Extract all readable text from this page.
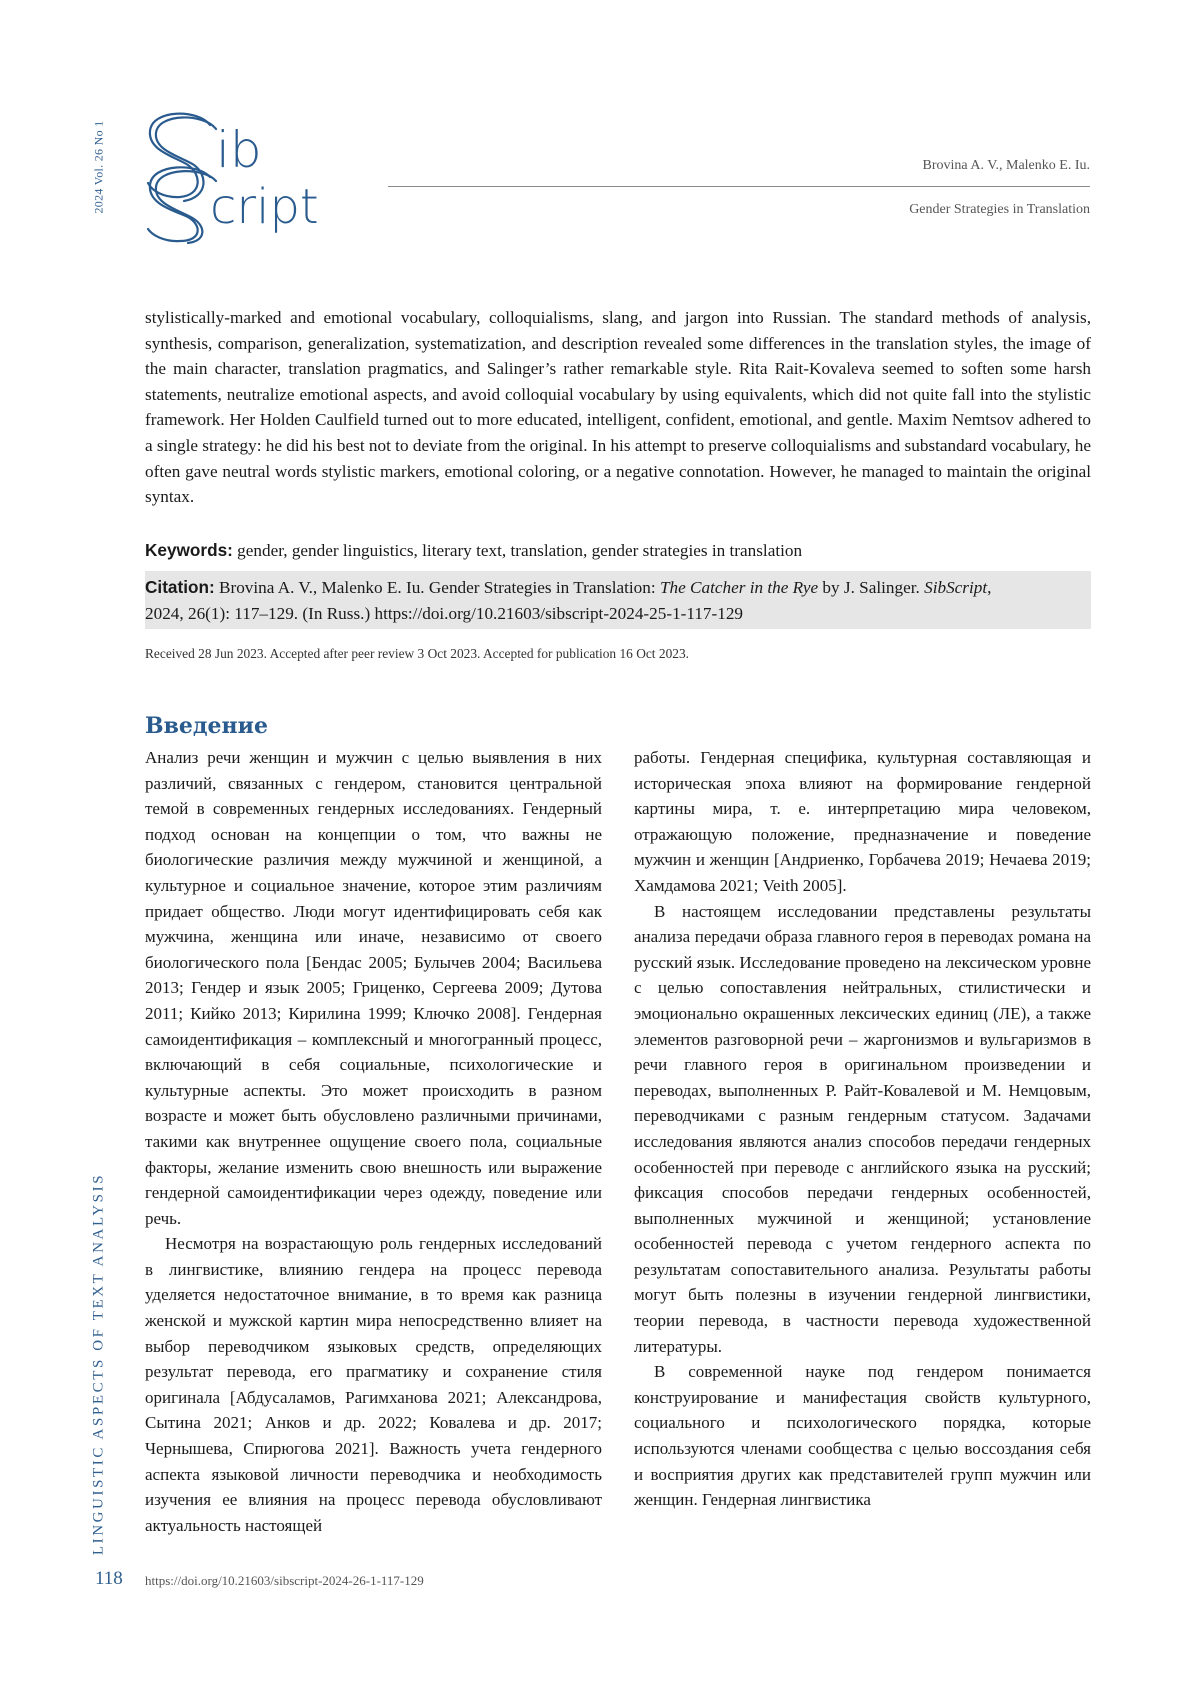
2024 Vol. 26 No 1 ib
cript
Brovina A. V., Malenko E. Iu.
Gender Strategies in Translation

stylistically-marked and emotional vocabulary, colloquialisms, slang, and jargon into Russian. The standard methods of analysis, synthesis, comparison, generalization, systematization, and description revealed some differences in the translation styles, the image of the main character, translation pragmatics, and Salinger’s rather remarkable style. Rita Rait-Kovaleva seemed to soften some harsh statements, neutralize emotional aspects, and avoid colloquial vocabulary by using equivalents, which did not quite fall into the stylistic framework. Her Holden Caulfield turned out to more educated, intelligent, confident, emotional, and gentle. Maxim Nemtsov adhered to a single strategy: he did his best not to deviate from the original. In his attempt to preserve colloquialisms and substandard vocabulary, he often gave neutral words stylistic markers, emotional coloring, or a negative connotation. However, he managed to maintain the original syntax.

Keywords: gender, gender linguistics, literary text, translation, gender strategies in translation

Citation: Brovina A. V., Malenko E. Iu. Gender Strategies in Translation: The Catcher in the Rye by J. Salinger. SibScript,
2024, 26(1): 117–129. (In Russ.) https://doi.org/10.21603/sibscript-2024-25-1-117-129
Received 28 Jun 2023. Accepted after peer review 3 Oct 2023. Accepted for publication 16 Oct 2023.
Введение

Анализ речи женщин и мужчин с целью выявления в них различий, связанных с гендером, становится центральной темой в современных гендерных исследованиях. Гендерный подход основан на концепции о том, что важны не биологические различия между мужчиной и женщиной, а культурное и социальное значение, которое этим различиям придает общество. Люди могут идентифицировать себя как мужчина, женщина или иначе, независимо от своего биологического пола [Бендас 2005; Булычев 2004; Васильева 2013; Гендер и язык 2005; Гриценко, Сергеева 2009; Дутова 2011; Кийко 2013; Кирилина 1999; Ключко 2008]. Гендерная самоидентификация – комплексный и многогранный процесс, включающий в себя социальные, психологические и культурные аспекты. Это может происходить в разном возрасте и может быть обусловлено различными причинами, такими как внутреннее ощущение своего пола, социальные факторы, желание изменить свою внешность или выражение гендерной самоидентификации через одежду, поведение или речь.

Несмотря на возрастающую роль гендерных исследований в лингвистике, влиянию гендера на процесс перевода уделяется недостаточное внимание, в то время как разница женской и мужской картин мира непосредственно влияет на выбор переводчиком языковых средств, определяющих результат перевода, его прагматику и сохранение стиля оригинала [Абдусаламов, Рагимханова 2021; Александрова, Сытина 2021; Анков и др. 2022; Ковалева и др. 2017; Чернышева, Спирюгова 2021]. Важность учета гендерного аспекта языковой личности переводчика и необходимость изучения ее влияния на процесс перевода обусловливают актуальность настоящей

работы. Гендерная специфика, культурная составляющая и историческая эпоха влияют на формирование гендерной картины мира, т. е. интерпретацию мира человеком, отражающую положение, предназначение и поведение мужчин и женщин [Андриенко, Горбачева 2019; Нечаева 2019; Хамдамова 2021; Veith 2005].

В настоящем исследовании представлены результаты анализа передачи образа главного героя в переводах романа на русский язык. Исследование проведено на лексическом уровне с целью сопоставления нейтральных, стилистически и эмоционально окрашенных лексических единиц (ЛЕ), а также элементов разговорной речи – жаргонизмов и вульгаризмов в речи главного героя в оригинальном произведении и переводах, выполненных Р. Райт-Ковалевой и М. Немцовым, переводчиками с разным гендерным статусом. Задачами исследования являются анализ способов передачи гендерных особенностей при переводе с английского языка на русский; фиксация способов передачи гендерных особенностей, выполненных мужчиной и женщиной; установление особенностей перевода с учетом гендерного аспекта по результатам сопоставительного анализа. Результаты работы могут быть полезны в изучении гендерной лингвистики, теории перевода, в частности перевода художественной литературы.

В современной науке под гендером понимается конструирование и манифестация свойств культурного, социального и психологического порядка, которые используются членами сообщества с целью воссоздания себя и восприятия других как представителей групп мужчин или женщин. Гендерная лингвистика

LINGUISTIC ASPECTS OF TEXT ANALYSIS
118 https://doi.org/10.21603/sibscript-2024-26-1-117-129
